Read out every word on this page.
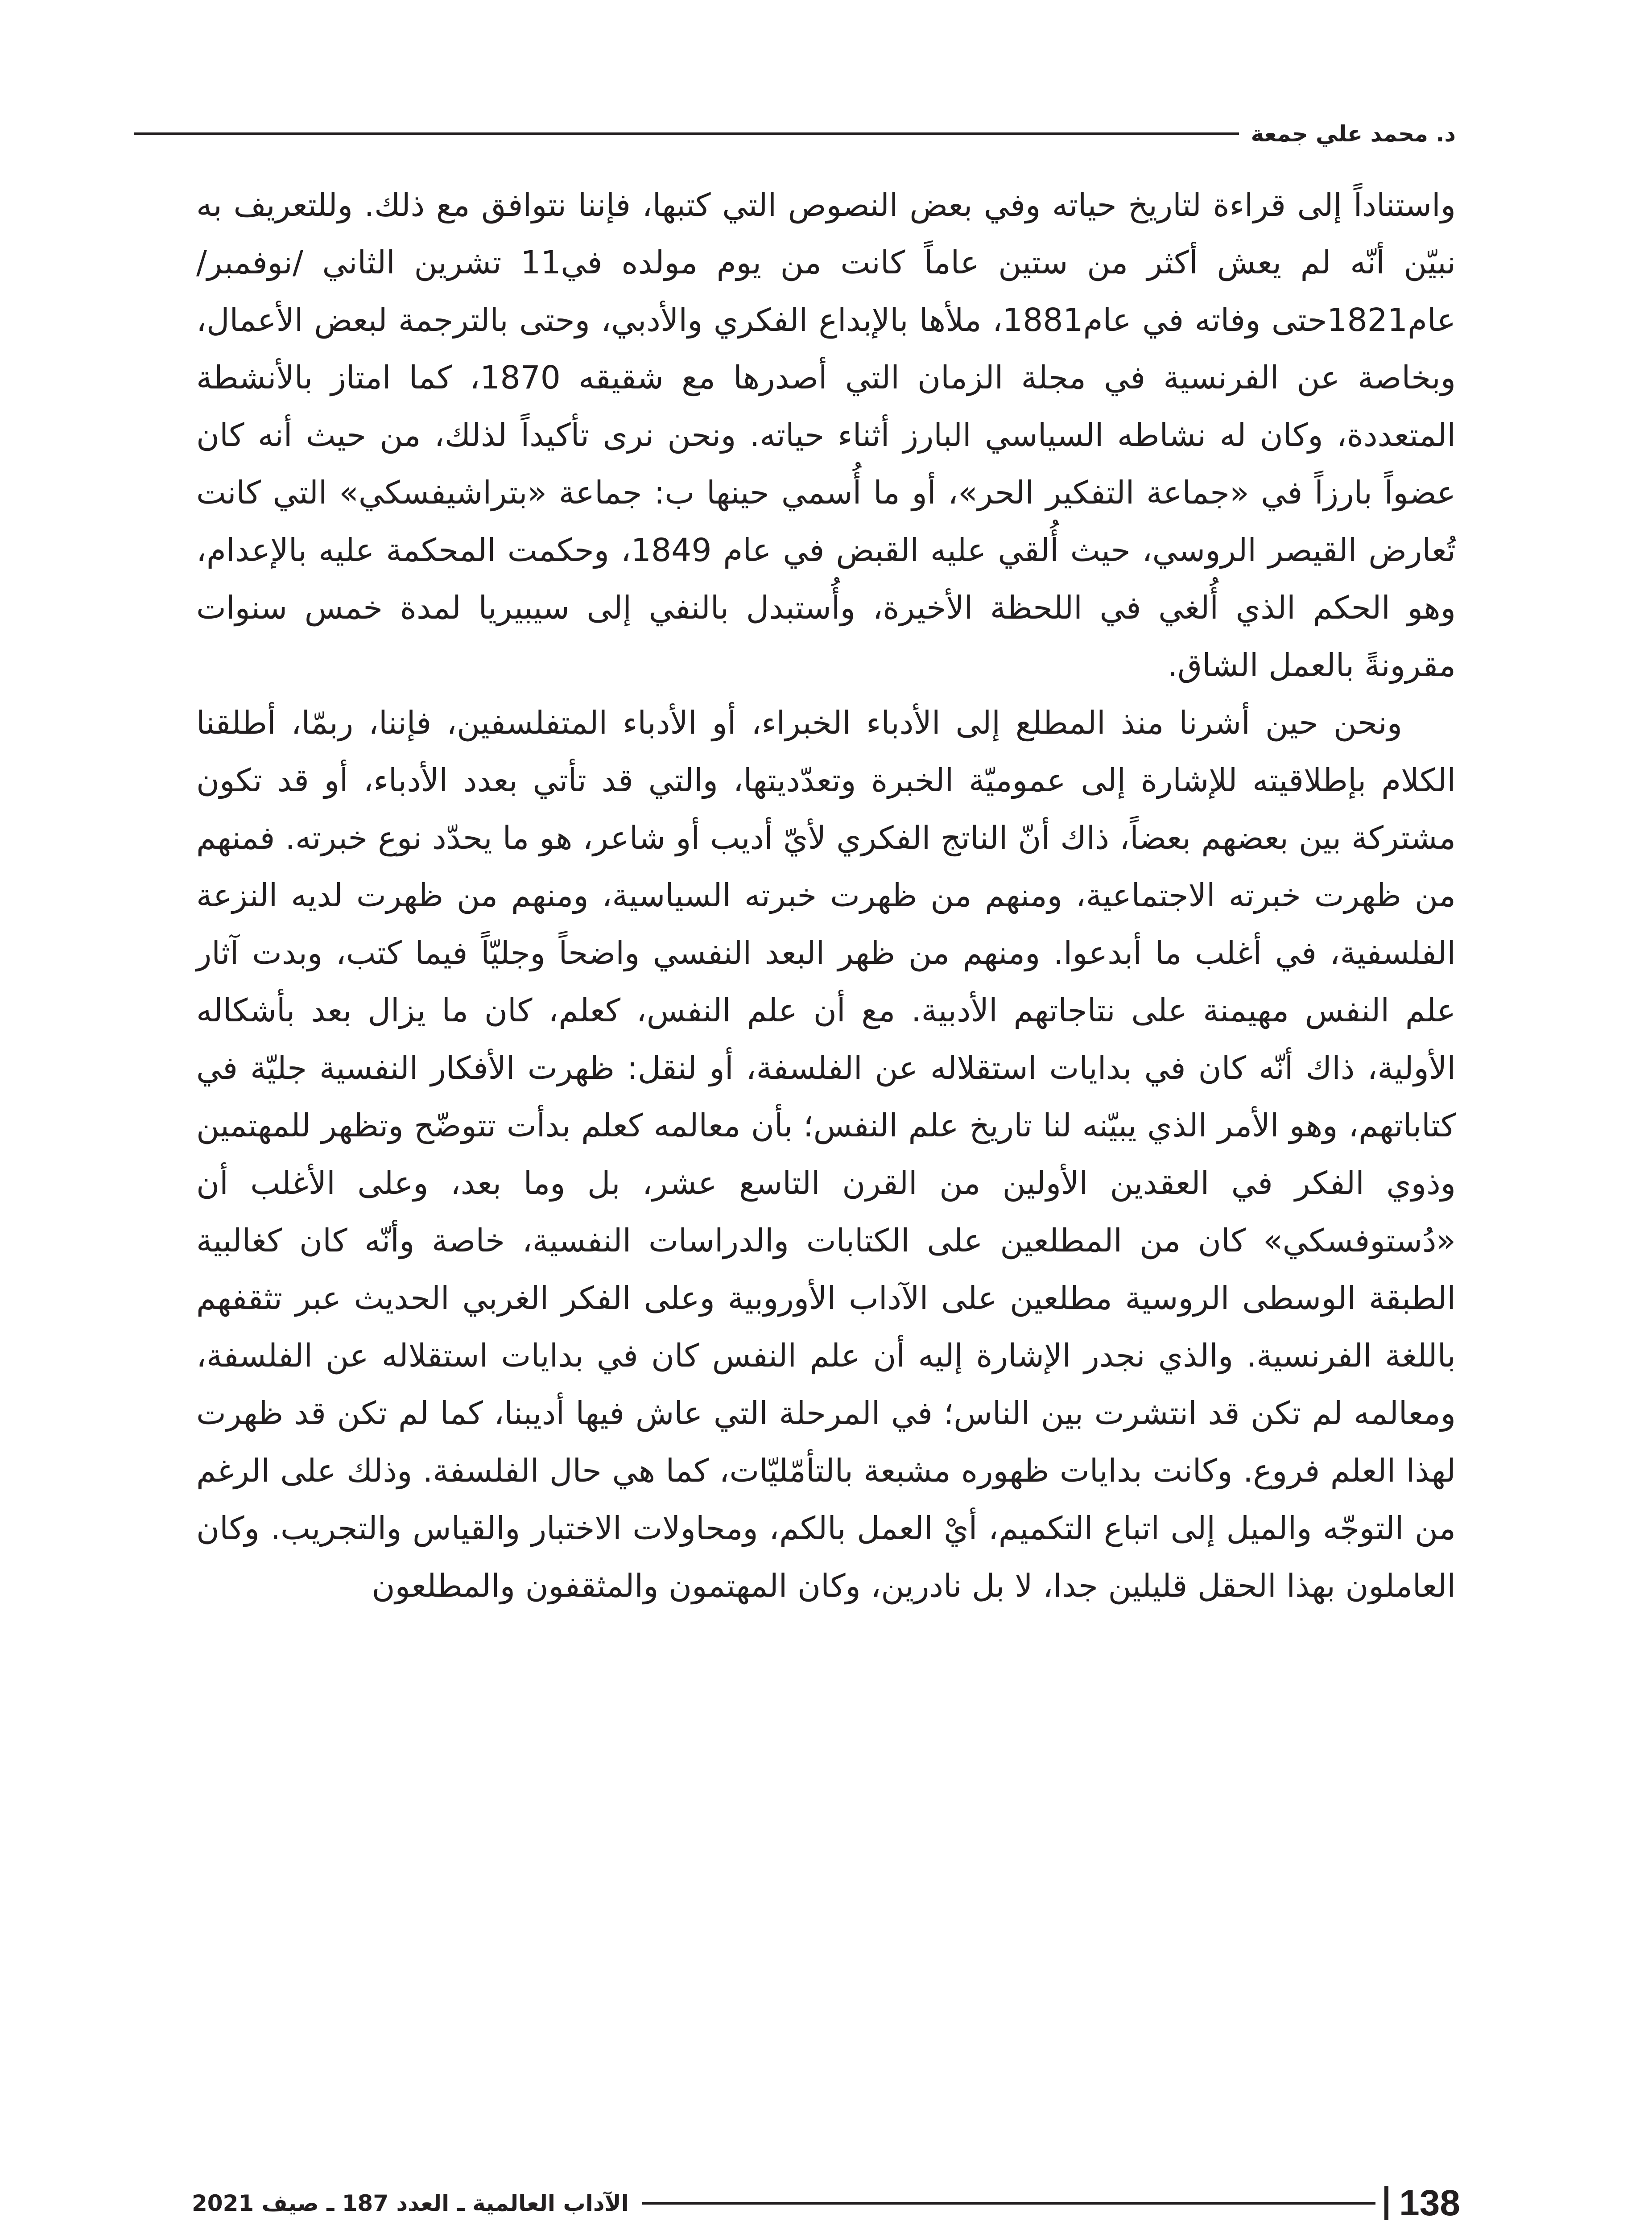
د. محمد علي جمعة

واستناداً إلى قراءة لتاريخ حياته وفي بعض النصوص التي كتبها، فإننا نتوافق مع ذلك. وللتعريف به نبيّن أنّه لم يعش أكثر من ستين عاماً كانت من يوم مولده في11 تشرين الثاني /نوفمبر/ عام1821حتى وفاته في عام1881، ملأها بالإبداع الفكري والأدبي، وحتى بالترجمة لبعض الأعمال، وبخاصة عن الفرنسية في مجلة الزمان التي أصدرها مع شقيقه 1870، كما امتاز بالأنشطة المتعددة، وكان له نشاطه السياسي البارز أثناء حياته. ونحن نرى تأكيداً لذلك، من حيث أنه كان عضواً بارزاً في «جماعة التفكير الحر»، أو ما أُسمي حينها ب: جماعة «بتراشيفسكي» التي كانت تُعارض القيصر الروسي، حيث أُلقي عليه القبض في عام 1849، وحكمت المحكمة عليه بالإعدام، وهو الحكم الذي أُلغي في اللحظة الأخيرة، وأُستبدل بالنفي إلى سيبيريا لمدة خمس سنوات مقرونةً بالعمل الشاق.

ونحن حين أشرنا منذ المطلع إلى الأدباء الخبراء، أو الأدباء المتفلسفين، فإننا، ربمّا، أطلقنا الكلام بإطلاقيته للإشارة إلى عموميّة الخبرة وتعدّديتها، والتي قد تأتي بعدد الأدباء، أو قد تكون مشتركة بين بعضهم بعضاً، ذاك أنّ الناتج الفكري لأيّ أديب أو شاعر، هو ما يحدّد نوع خبرته. فمنهم من ظهرت خبرته الاجتماعية، ومنهم من ظهرت خبرته السياسية، ومنهم من ظهرت لديه النزعة الفلسفية، في أغلب ما أبدعوا. ومنهم من ظهر البعد النفسي واضحاً وجليّاً فيما كتب، وبدت آثار علم النفس مهيمنة على نتاجاتهم الأدبية. مع أن علم النفس، كعلم، كان ما يزال بعد بأشكاله الأولية، ذاك أنّه كان في بدايات استقلاله عن الفلسفة، أو لنقل: ظهرت الأفكار النفسية جليّة في كتاباتهم، وهو الأمر الذي يبيّنه لنا تاريخ علم النفس؛ بأن معالمه كعلم بدأت تتوضّح وتظهر للمهتمين وذوي الفكر في العقدين الأولين من القرن التاسع عشر، بل وما بعد، وعلى الأغلب أن «دُستوفسكي» كان من المطلعين على الكتابات والدراسات النفسية، خاصة وأنّه كان كغالبية الطبقة الوسطى الروسية مطلعين على الآداب الأوروبية وعلى الفكر الغربي الحديث عبر تثقفهم باللغة الفرنسية. والذي نجدر الإشارة إليه أن علم النفس كان في بدايات استقلاله عن الفلسفة، ومعالمه لم تكن قد انتشرت بين الناس؛ في المرحلة التي عاش فيها أديبنا، كما لم تكن قد ظهرت لهذا العلم فروع. وكانت بدايات ظهوره مشبعة بالتأمّليّات، كما هي حال الفلسفة. وذلك على الرغم من التوجّه والميل إلى اتباع التكميم، أيْ العمل بالكم، ومحاولات الاختبار والقياس والتجريب. وكان العاملون بهذا الحقل قليلين جدا، لا بل نادرين، وكان المهتمون والمثقفون والمطلعون

138
الآداب العالمية ـ العدد 187 ـ صيف 2021
